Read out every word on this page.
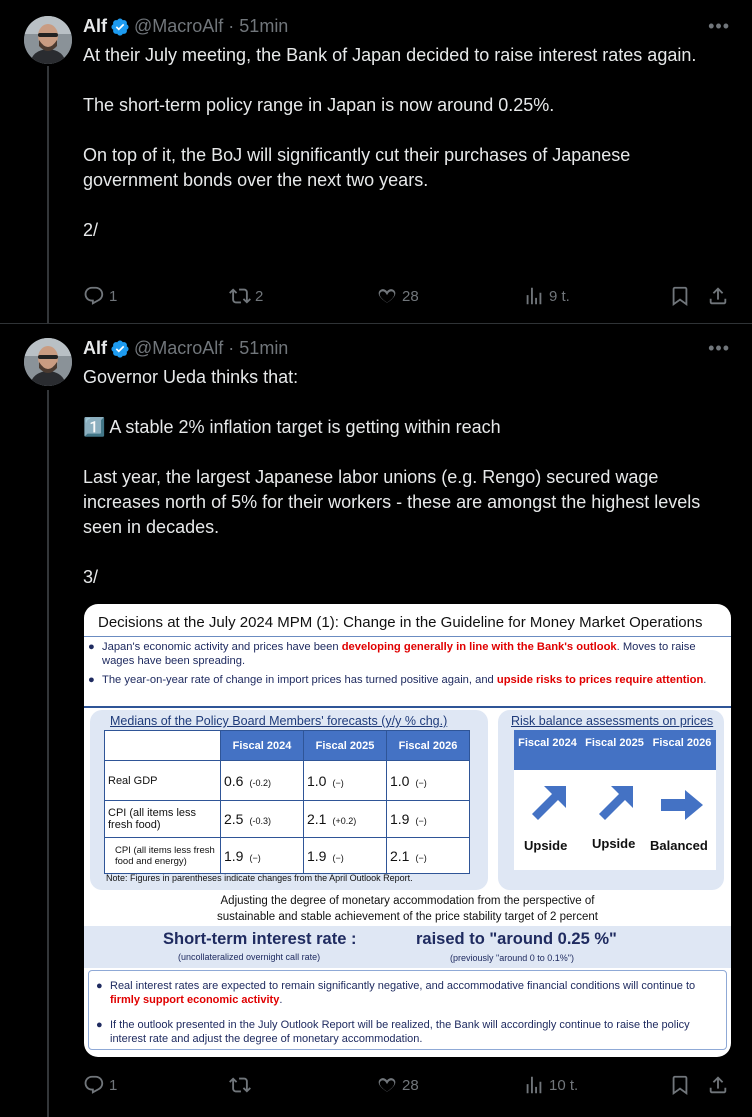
Alf @MacroAlf · 51min	•••

At their July meeting, the Bank of Japan decided to raise interest rates again.

The short-term policy range in Japan is now around 0.25%.

On top of it, the BoJ will significantly cut their purchases of Japanese government bonds over the next two years.

2/

1	2	28	9 t.
Alf @MacroAlf · 51min	•••

Governor Ueda thinks that:

1️⃣ A stable 2% inflation target is getting within reach

Last year, the largest Japanese labor unions (e.g. Rengo) secured wage increases north of 5% for their workers - these are amongst the highest levels seen in decades.

3/

Decisions at the July 2024 MPM (1): Change in the Guideline for Money Market Operations
● Japan's economic activity and prices have been developing generally in line with the Bank's outlook. Moves to raise wages have been spreading.
● The year-on-year rate of change in import prices has turned positive again, and upside risks to prices require attention.
Medians of the Policy Board Members' forecasts (y/y % chg.)
	Fiscal 2024	Fiscal 2025	Fiscal 2026
Real GDP	0.6 (-0.2)	1.0 (−)	1.0 (−)
CPI (all items less fresh food)	2.5 (-0.3)	2.1 (+0.2)	1.9 (−)
CPI (all items less fresh food and energy)	1.9 (−)	1.9 (−)	2.1 (−)
Note: Figures in parentheses indicate changes from the April Outlook Report.
Risk balance assessments on prices
Fiscal 2024 Fiscal 2025 Fiscal 2026
Upside Upside Balanced
Adjusting the degree of monetary accommodation from the perspective of
sustainable and stable achievement of the price stability target of 2 percent
Short-term interest rate :
(uncollateralized overnight call rate)
raised to "around 0.25 %"
(previously "around 0 to 0.1%")
● Real interest rates are expected to remain significantly negative, and accommodative financial conditions will continue to firmly support economic activity.
● If the outlook presented in the July Outlook Report will be realized, the Bank will accordingly continue to raise the policy interest rate and adjust the degree of monetary accommodation.
1	28	10 t.
